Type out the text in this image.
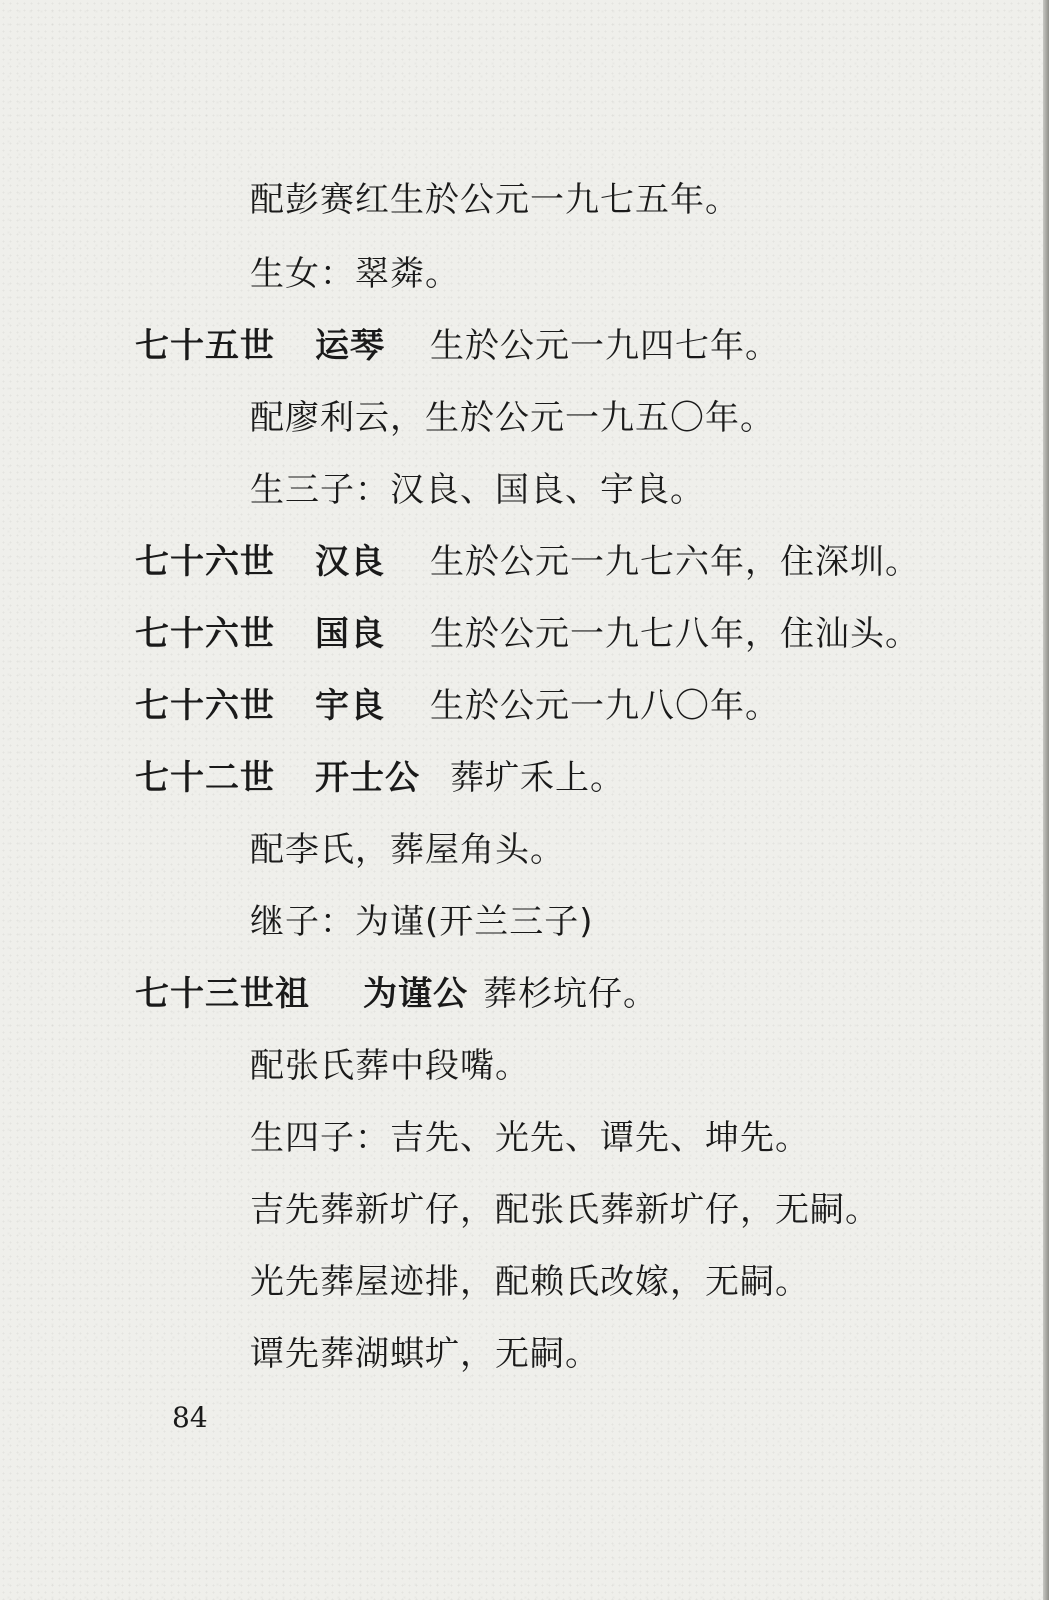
配彭赛红生於公元一九七五年。
生女：翠粦。
七十五世 运琴 生於公元一九四七年。
配廖利云，生於公元一九五〇年。
生三子：汉良、国良、宇良。
七十六世 汉良 生於公元一九七六年，住深圳。
七十六世 国良 生於公元一九七八年，住汕头。
七十六世 宇良 生於公元一九八〇年。
七十二世 开士公 葬圹禾上。
配李氏，葬屋角头。
继子：为谨(开兰三子)
七十三世祖 为谨公 葬杉坑仔。
配张氏葬中段嘴。
生四子：吉先、光先、谭先、坤先。
吉先葬新圹仔，配张氏葬新圹仔，无嗣。
光先葬屋迹排，配赖氏改嫁，无嗣。
谭先葬湖蜞圹，无嗣。
84
